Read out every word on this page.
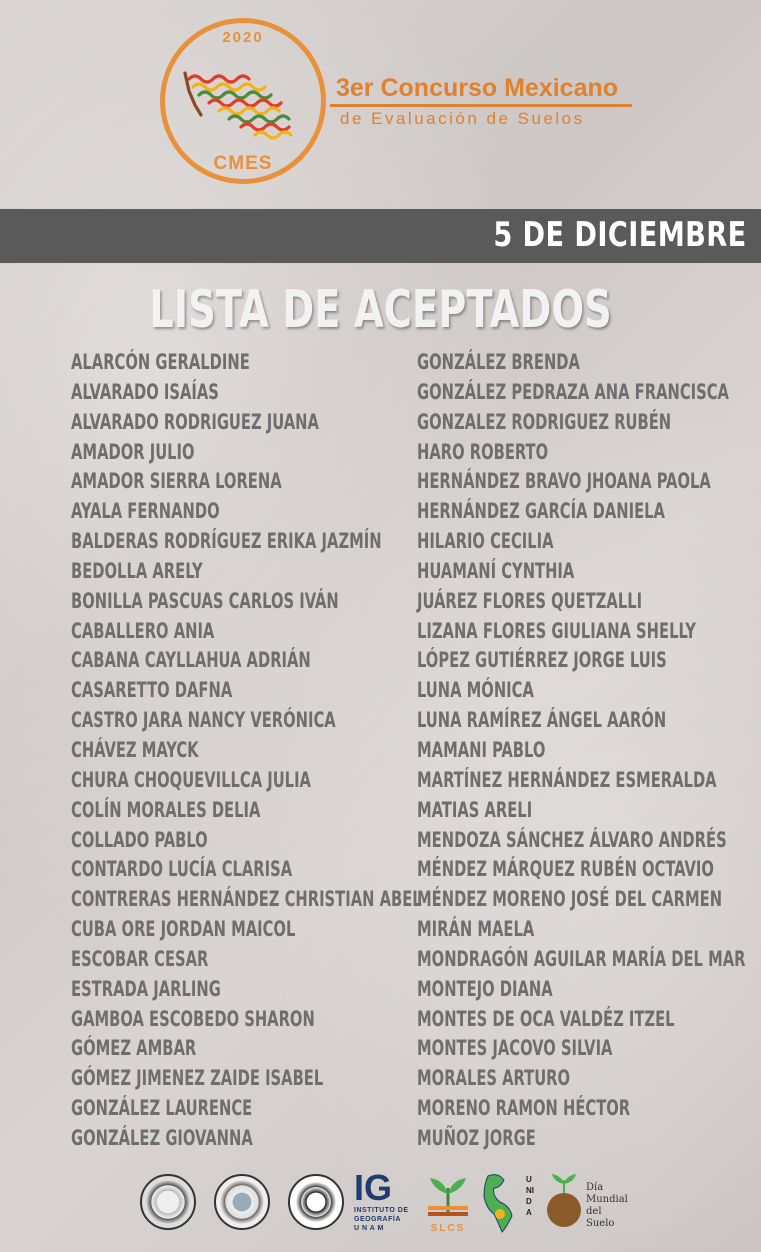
2020
CMES
3er Concurso Mexicano
de Evaluación de Suelos
5 DE DICIEMBRE
LISTA DE ACEPTADOS
ALARCÓN GERALDINE
ALVARADO ISAÍAS
ALVARADO RODRIGUEZ JUANA
AMADOR JULIO
AMADOR SIERRA LORENA
AYALA FERNANDO
BALDERAS RODRÍGUEZ ERIKA JAZMÍN
BEDOLLA ARELY
BONILLA PASCUAS CARLOS IVÁN
CABALLERO ANIA
CABANA CAYLLAHUA ADRIÁN
CASARETTO DAFNA
CASTRO JARA NANCY VERÓNICA
CHÁVEZ MAYCK
CHURA CHOQUEVILLCA JULIA
COLÍN MORALES DELIA
COLLADO PABLO
CONTARDO LUCÍA CLARISA
CONTRERAS HERNÁNDEZ CHRISTIAN ABEL
CUBA ORE JORDAN MAICOL
ESCOBAR CESAR
ESTRADA JARLING
GAMBOA ESCOBEDO SHARON
GÓMEZ AMBAR
GÓMEZ JIMENEZ ZAIDE ISABEL
GONZÁLEZ LAURENCE
GONZÁLEZ GIOVANNA
GONZÁLEZ BRENDA
GONZÁLEZ PEDRAZA ANA FRANCISCA
GONZALEZ RODRIGUEZ RUBÉN
HARO ROBERTO
HERNÁNDEZ BRAVO JHOANA PAOLA
HERNÁNDEZ GARCÍA DANIELA
HILARIO CECILIA
HUAMANÍ CYNTHIA
JUÁREZ FLORES QUETZALLI
LIZANA FLORES GIULIANA SHELLY
LÓPEZ GUTIÉRREZ JORGE LUIS
LUNA MÓNICA
LUNA RAMÍREZ ÁNGEL AARÓN
MAMANI PABLO
MARTÍNEZ HERNÁNDEZ ESMERALDA
MATIAS ARELI
MENDOZA SÁNCHEZ ÁLVARO ANDRÉS
MÉNDEZ MÁRQUEZ RUBÉN OCTAVIO
MÉNDEZ MORENO JOSÉ DEL CARMEN
MIRÁN MAELA
MONDRAGÓN AGUILAR MARÍA DEL MAR
MONTEJO DIANA
MONTES DE OCA VALDÉZ ITZEL
MONTES JACOVO SILVIA
MORALES ARTURO
MORENO RAMON HÉCTOR
MUÑOZ JORGE
IG
INSTITUTO DE
GEOGRAFÍA
U N A M	SLCS
UNIDA
Día
Mundial
del Suelo
